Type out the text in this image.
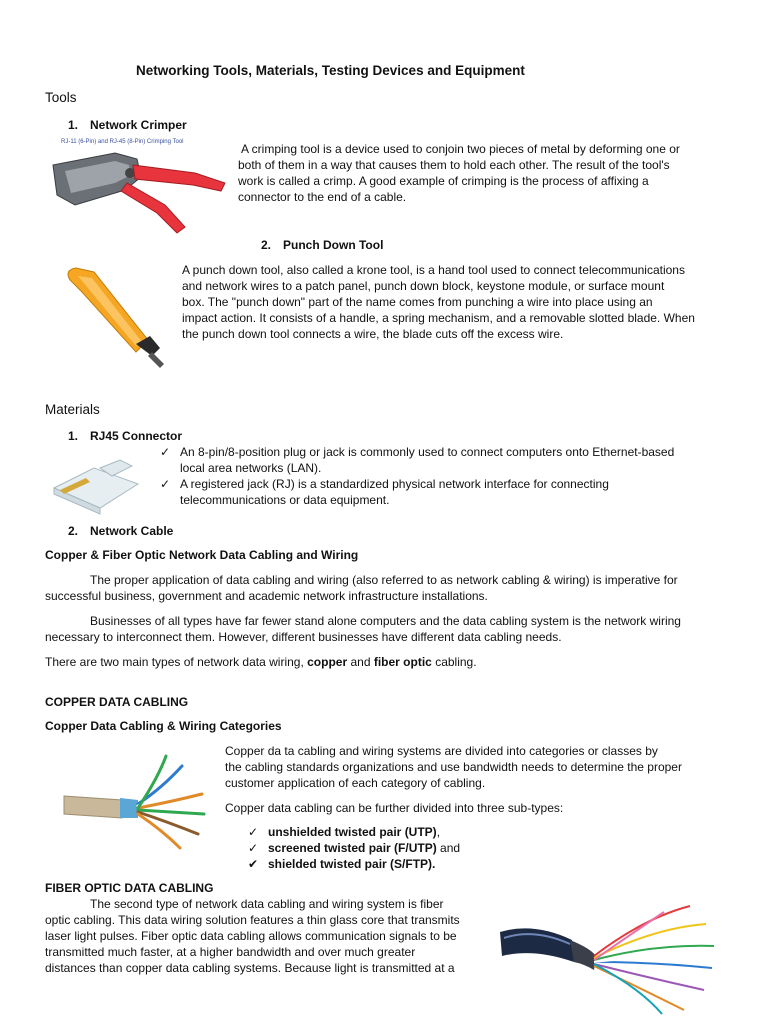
Networking Tools, Materials, Testing Devices and Equipment
Tools
1. Network Crimper
RJ-11 (6-Pin) and RJ-45 (8-Pin) Crimping Tool	A crimping tool is a device used to conjoin two pieces of metal by deforming one or
both of them in a way that causes them to hold each other. The result of the tool's
work is called a crimp. A good example of crimping is the process of affixing a
connector to the end of a cable.
2. Punch Down Tool
A punch down tool, also called a krone tool, is a hand tool used to connect telecommunications
and network wires to a patch panel, punch down block, keystone module, or surface mount
box. The "punch down" part of the name comes from punching a wire into place using an
impact action. It consists of a handle, a spring mechanism, and a removable slotted blade. When
the punch down tool connects a wire, the blade cuts off the excess wire.
Materials
1. RJ45 Connector
✓ An 8-pin/8-position plug or jack is commonly used to connect computers onto Ethernet-based
local area networks (LAN).
✓ A registered jack (RJ) is a standardized physical network interface for connecting
telecommunications or data equipment.
2. Network Cable
Copper & Fiber Optic Network Data Cabling and Wiring
The proper application of data cabling and wiring (also referred to as network cabling & wiring) is imperative for
successful business, government and academic network infrastructure installations.
Businesses of all types have far fewer stand alone computers and the data cabling system is the network wiring
necessary to interconnect them. However, different businesses have different data cabling needs.
There are two main types of network data wiring, copper and fiber optic cabling.
COPPER DATA CABLING
Copper Data Cabling & Wiring Categories
Copper da ta cabling and wiring systems are divided into categories or classes by
the cabling standards organizations and use bandwidth needs to determine the proper
customer application of each category of cabling.
Copper data cabling can be further divided into three sub-types:
✓ unshielded twisted pair (UTP),
✓ screened twisted pair (F/UTP) and
✔ shielded twisted pair (S/FTP).
FIBER OPTIC DATA CABLING
The second type of network data cabling and wiring system is fiber
optic cabling. This data wiring solution features a thin glass core that transmits
laser light pulses. Fiber optic data cabling allows communication signals to be
transmitted much faster, at a higher bandwidth and over much greater
distances than copper data cabling systems. Because light is transmitted at a
